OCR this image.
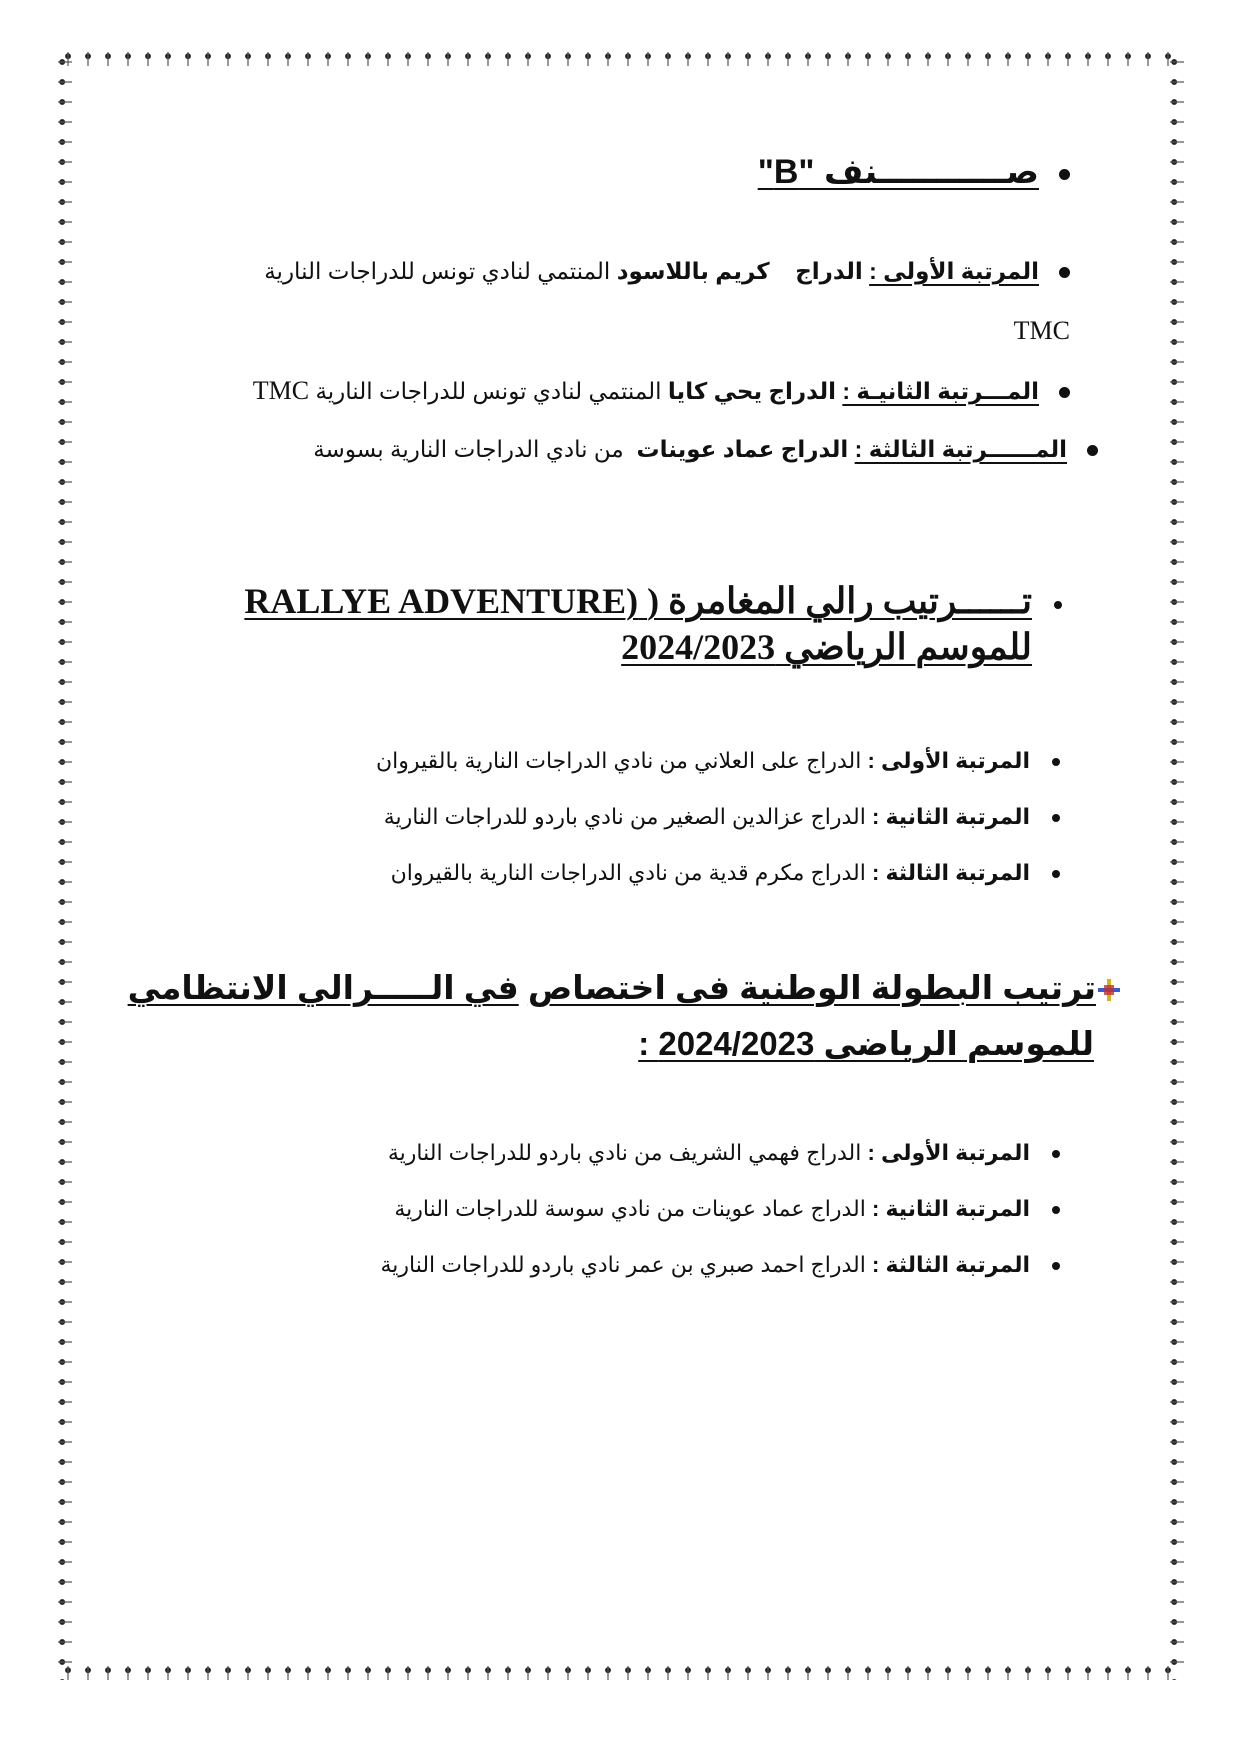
صـــــــــــنف "B"
المرتبة الأولى : الدراج    كريم باللاسود المنتمي لنادي تونس للدراجات النارية
TMC
المـــرتبة الثانيـة : الدراج يحي كايا المنتمي لنادي تونس للدراجات النارية TMC
المــــــرتبة الثالثة : الدراج عماد عوينات  من نادي الدراجات النارية بسوسة
تــــــرتيب رالي المغامرة ( RALLYE ADVENTURE)
للموسم الرياضي 2024/2023
المرتبة الأولى : الدراج على العلاني من نادي الدراجات النارية بالقيروان
المرتبة الثانية : الدراج عزالدين الصغير من نادي باردو للدراجات النارية
المرتبة الثالثة : الدراج مكرم قدية من نادي الدراجات النارية بالقيروان
ترتيب البطولة الوطنية فى اختصاص في الـــــرالي الانتظامي
للموسم الرياضى 2024/2023 :
المرتبة الأولى : الدراج فهمي الشريف من نادي باردو للدراجات النارية
المرتبة الثانية : الدراج عماد عوينات من نادي سوسة للدراجات النارية
المرتبة الثالثة : الدراج احمد صبري بن عمر نادي باردو للدراجات النارية
